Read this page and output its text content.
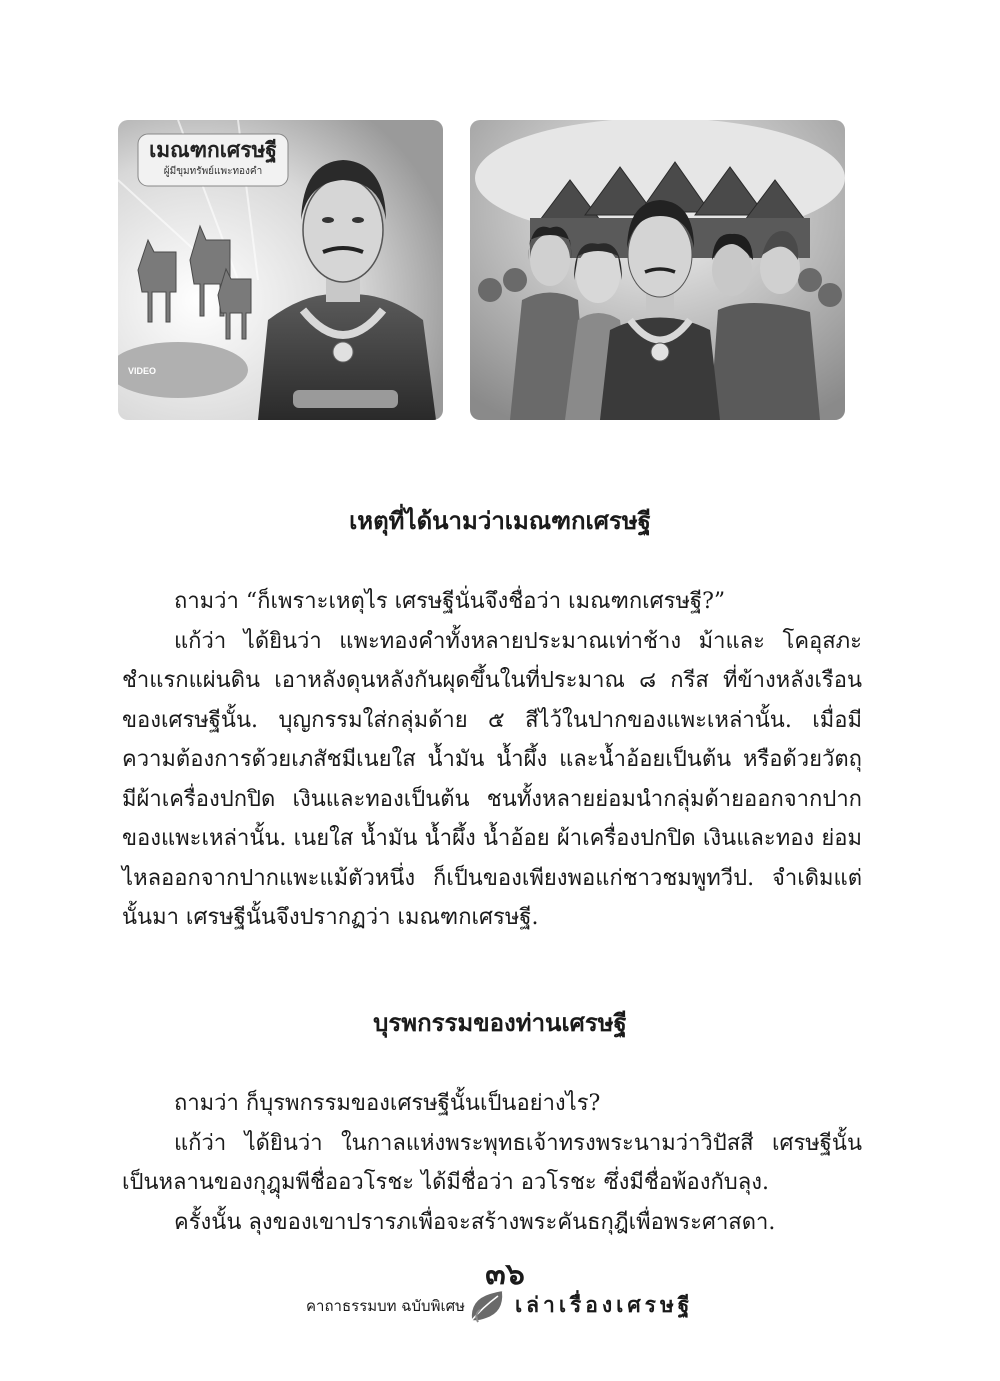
เมณฑกเศรษฐี
ผู้มีขุมทรัพย์แพะทองคำ
VIDEO
เหตุที่ได้นามว่าเมณฑกเศรษฐี

ถามว่า “ก็เพราะเหตุไร เศรษฐีนั่นจึงชื่อว่า เมณฑกเศรษฐี?”

แก้ว่า ได้ยินว่า แพะทองคำทั้งหลายประมาณเท่าช้าง ม้าและ โคอุสภะ ชำแรกแผ่นดิน เอาหลังดุนหลังกันผุดขึ้นในที่ประมาณ ๘ กรีส ที่ข้างหลังเรือน ของเศรษฐีนั้น. บุญกรรมใส่กลุ่มด้าย ๕ สีไว้ในปากของแพะเหล่านั้น. เมื่อมี ความต้องการด้วยเภสัชมีเนยใส น้ำมัน น้ำผึ้ง และน้ำอ้อยเป็นต้น หรือด้วยวัตถุ มีผ้าเครื่องปกปิด เงินและทองเป็นต้น ชนทั้งหลายย่อมนำกลุ่มด้ายออกจากปาก ของแพะเหล่านั้น. เนยใส น้ำมัน น้ำผึ้ง น้ำอ้อย ผ้าเครื่องปกปิด เงินและทอง ย่อมไหลออกจากปากแพะแม้ตัวหนึ่ง ก็เป็นของเพียงพอแก่ชาวชมพูทวีป. จำเดิมแต่นั้นมา เศรษฐีนั้นจึงปรากฏว่า เมณฑกเศรษฐี.

บุรพกรรมของท่านเศรษฐี

ถามว่า ก็บุรพกรรมของเศรษฐีนั้นเป็นอย่างไร?

แก้ว่า ได้ยินว่า ในกาลแห่งพระพุทธเจ้าทรงพระนามว่าวิปัสสี เศรษฐีนั้น เป็นหลานของกุฎุมพีชื่ออวโรชะ ได้มีชื่อว่า อวโรชะ ซึ่งมีชื่อพ้องกับลุง.

ครั้งนั้น ลุงของเขาปรารภเพื่อจะสร้างพระคันธกุฎีเพื่อพระศาสดา.

๓๖
คาถาธรรมบท ฉบับพิเศษ เล่าเรื่องเศรษฐี
